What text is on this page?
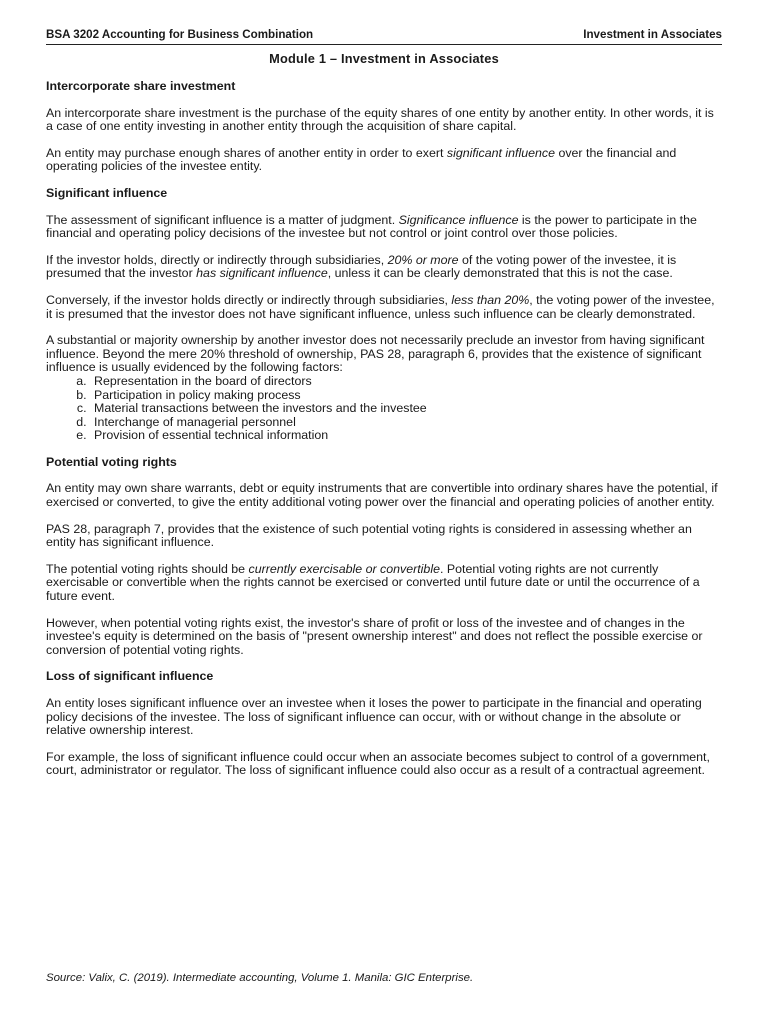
BSA 3202 Accounting for Business Combination	Investment in Associates
Module 1 – Investment in Associates
Intercorporate share investment

An intercorporate share investment is the purchase of the equity shares of one entity by another entity. In other words, it is a case of one entity investing in another entity through the acquisition of share capital.

An entity may purchase enough shares of another entity in order to exert significant influence over the financial and operating policies of the investee entity.

Significant influence

The assessment of significant influence is a matter of judgment. Significance influence is the power to participate in the financial and operating policy decisions of the investee but not control or joint control over those policies.

If the investor holds, directly or indirectly through subsidiaries, 20% or more of the voting power of the investee, it is presumed that the investor has significant influence, unless it can be clearly demonstrated that this is not the case.

Conversely, if the investor holds directly or indirectly through subsidiaries, less than 20%, the voting power of the investee, it is presumed that the investor does not have significant influence, unless such influence can be clearly demonstrated.

A substantial or majority ownership by another investor does not necessarily preclude an investor from having significant influence. Beyond the mere 20% threshold of ownership, PAS 28, paragraph 6, provides that the existence of significant influence is usually evidenced by the following factors:

a. Representation in the board of directors
b. Participation in policy making process
c. Material transactions between the investors and the investee
d. Interchange of managerial personnel
e. Provision of essential technical information
Potential voting rights

An entity may own share warrants, debt or equity instruments that are convertible into ordinary shares have the potential, if exercised or converted, to give the entity additional voting power over the financial and operating policies of another entity.

PAS 28, paragraph 7, provides that the existence of such potential voting rights is considered in assessing whether an entity has significant influence.

The potential voting rights should be currently exercisable or convertible. Potential voting rights are not currently exercisable or convertible when the rights cannot be exercised or converted until future date or until the occurrence of a future event.

However, when potential voting rights exist, the investor's share of profit or loss of the investee and of changes in the investee's equity is determined on the basis of "present ownership interest" and does not reflect the possible exercise or conversion of potential voting rights.

Loss of significant influence

An entity loses significant influence over an investee when it loses the power to participate in the financial and operating policy decisions of the investee. The loss of significant influence can occur, with or without change in the absolute or relative ownership interest.

For example, the loss of significant influence could occur when an associate becomes subject to control of a government, court, administrator or regulator. The loss of significant influence could also occur as a result of a contractual agreement.

Source: Valix, C. (2019). Intermediate accounting, Volume 1. Manila: GIC Enterprise.
